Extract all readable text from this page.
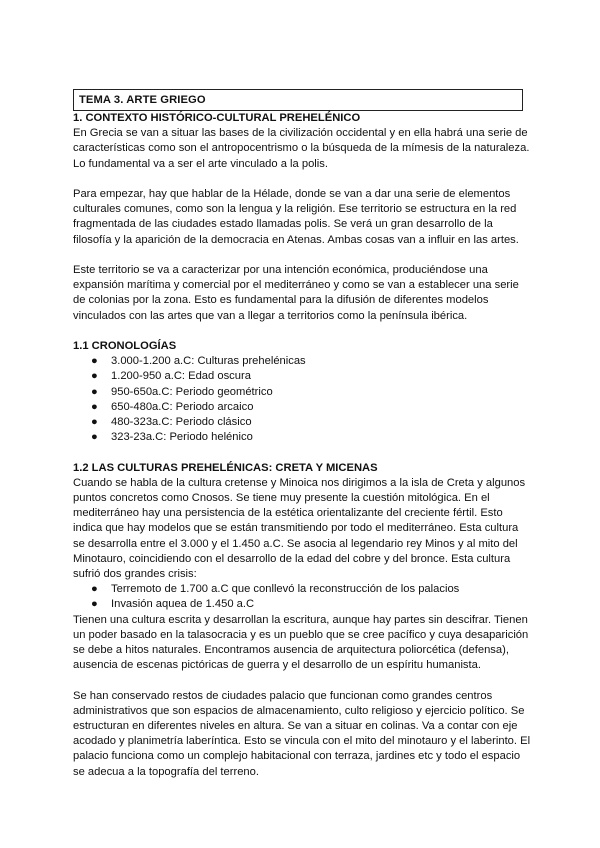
TEMA 3. ARTE GRIEGO

1. CONTEXTO HISTÓRICO-CULTURAL PREHELÉNICO

En Grecia se van a situar las bases de la civilización occidental y en ella habrá una serie de

características como son el antropocentrismo o la búsqueda de la mímesis de la naturaleza.

Lo fundamental va a ser el arte vinculado a la polis.

Para empezar, hay que hablar de la Hélade, donde se van a dar una serie de elementos

culturales comunes, como son la lengua y la religión. Ese territorio se estructura en la red

fragmentada de las ciudades estado llamadas polis. Se verá un gran desarrollo de la

filosofía y la aparición de la democracia en Atenas. Ambas cosas van a influir en las artes.

Este territorio se va a caracterizar por una intención económica, produciéndose una

expansión marítima y comercial por el mediterráneo y como se van a establecer una serie

de colonias por la zona. Esto es fundamental para la difusión de diferentes modelos

vinculados con las artes que van a llegar a territorios como la península ibérica.

1.1 CRONOLOGÍAS

● 3.000-1.200 a.C: Culturas prehelénicas
● 1.200-950 a.C: Edad oscura
● 950-650a.C: Periodo geométrico
● 650-480a.C: Periodo arcaico
● 480-323a.C: Periodo clásico
● 323-23a.C: Periodo helénico

1.2 LAS CULTURAS PREHELÉNICAS: CRETA Y MICENAS

Cuando se habla de la cultura cretense y Minoica nos dirigimos a la isla de Creta y algunos

puntos concretos como Cnosos. Se tiene muy presente la cuestión mitológica. En el

mediterráneo hay una persistencia de la estética orientalizante del creciente fértil. Esto

indica que hay modelos que se están transmitiendo por todo el mediterráneo. Esta cultura

se desarrolla entre el 3.000 y el 1.450 a.C. Se asocia al legendario rey Minos y al mito del

Minotauro, coincidiendo con el desarrollo de la edad del cobre y del bronce. Esta cultura

sufrió dos grandes crisis:

● Terremoto de 1.700 a.C que conllevó la reconstrucción de los palacios
● Invasión aquea de 1.450 a.C

Tienen una cultura escrita y desarrollan la escritura, aunque hay partes sin descifrar. Tienen

un poder basado en la talasocracia y es un pueblo que se cree pacífico y cuya desaparición

se debe a hitos naturales. Encontramos ausencia de arquitectura poliorcética (defensa),

ausencia de escenas pictóricas de guerra y el desarrollo de un espíritu humanista.

Se han conservado restos de ciudades palacio que funcionan como grandes centros

administrativos que son espacios de almacenamiento, culto religioso y ejercicio político. Se

estructuran en diferentes niveles en altura. Se van a situar en colinas. Va a contar con eje

acodado y planimetría laberíntica. Esto se vincula con el mito del minotauro y el laberinto. El

palacio funciona como un complejo habitacional con terraza, jardines etc y todo el espacio

se adecua a la topografía del terreno.
